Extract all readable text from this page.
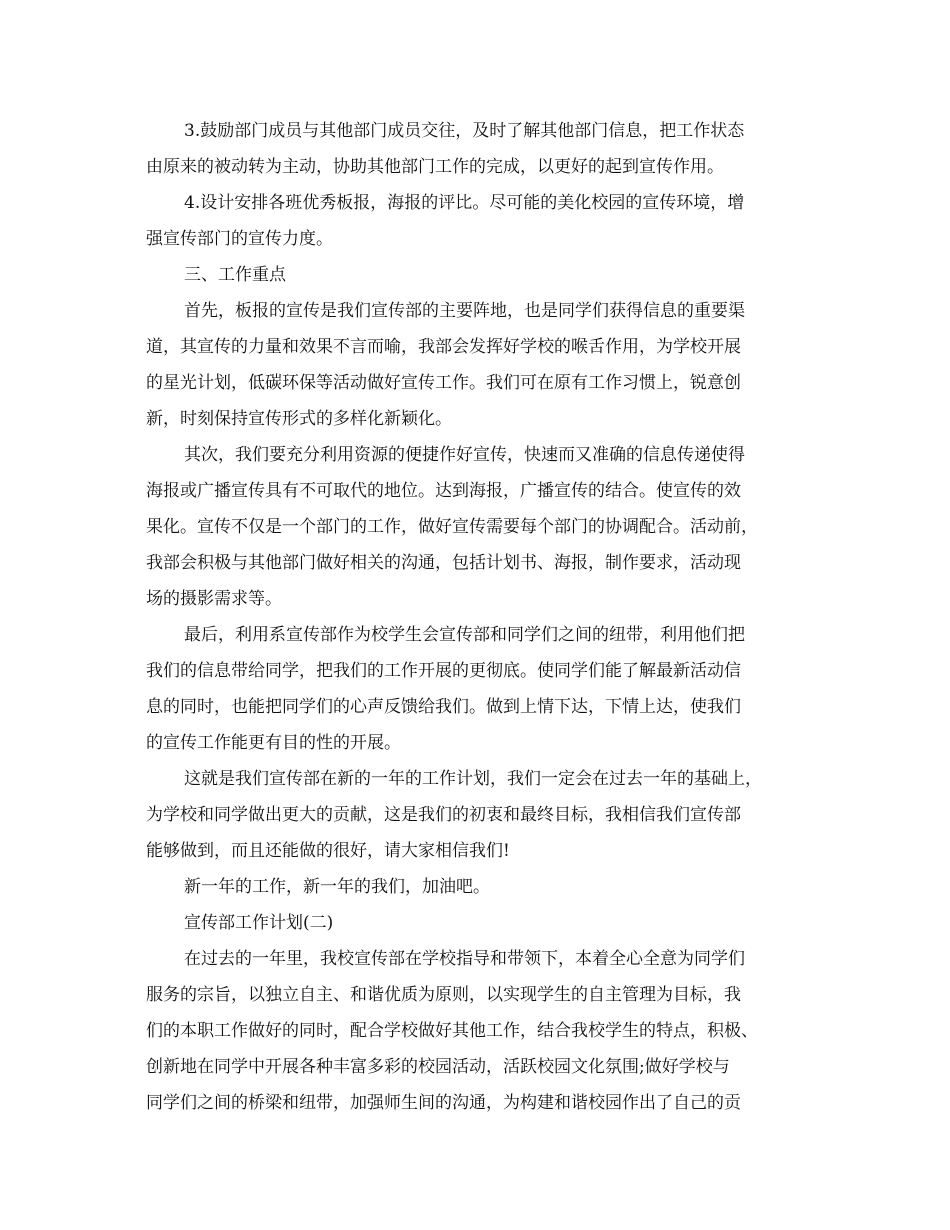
3.鼓励部门成员与其他部门成员交往，及时了解其他部门信息，把工作状态
由原来的被动转为主动，协助其他部门工作的完成，以更好的起到宣传作用。
4.设计安排各班优秀板报，海报的评比。尽可能的美化校园的宣传环境，增
强宣传部门的宣传力度。
三、工作重点
首先，板报的宣传是我们宣传部的主要阵地，也是同学们获得信息的重要渠
道，其宣传的力量和效果不言而喻，我部会发挥好学校的喉舌作用，为学校开展
的星光计划，低碳环保等活动做好宣传工作。我们可在原有工作习惯上，锐意创
新，时刻保持宣传形式的多样化新颖化。
其次，我们要充分利用资源的便捷作好宣传，快速而又准确的信息传递使得
海报或广播宣传具有不可取代的地位。达到海报，广播宣传的结合。使宣传的效
果化。宣传不仅是一个部门的工作，做好宣传需要每个部门的协调配合。活动前，
我部会积极与其他部门做好相关的沟通，包括计划书、海报，制作要求，活动现
场的摄影需求等。
最后，利用系宣传部作为校学生会宣传部和同学们之间的纽带，利用他们把
我们的信息带给同学，把我们的工作开展的更彻底。使同学们能了解最新活动信
息的同时，也能把同学们的心声反馈给我们。做到上情下达，下情上达，使我们
的宣传工作能更有目的性的开展。
这就是我们宣传部在新的一年的工作计划，我们一定会在过去一年的基础上，
为学校和同学做出更大的贡献，这是我们的初衷和最终目标，我相信我们宣传部
能够做到，而且还能做的很好，请大家相信我们!
新一年的工作，新一年的我们，加油吧。
宣传部工作计划(二)
在过去的一年里，我校宣传部在学校指导和带领下，本着全心全意为同学们
服务的宗旨，以独立自主、和谐优质为原则，以实现学生的自主管理为目标，我
们的本职工作做好的同时，配合学校做好其他工作，结合我校学生的特点，积极、
创新地在同学中开展各种丰富多彩的校园活动，活跃校园文化氛围;做好学校与
同学们之间的桥梁和纽带，加强师生间的沟通，为构建和谐校园作出了自己的贡
